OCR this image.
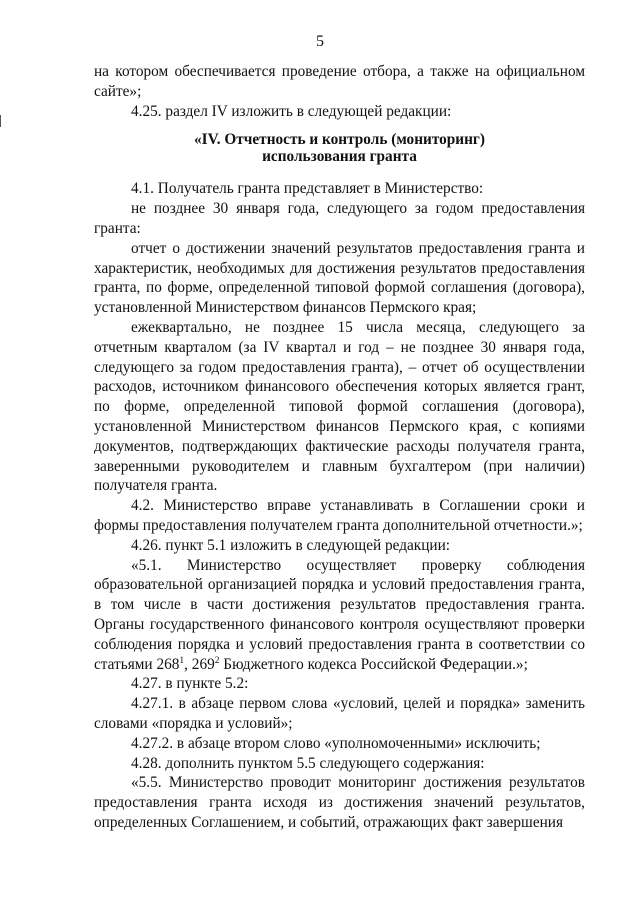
5

на котором обеспечивается проведение отбора, а также на официальном сайте»;

4.25. раздел IV изложить в следующей редакции:

«IV. Отчетность и контроль (мониторинг)
использования гранта

4.1. Получатель гранта представляет в Министерство:

не позднее 30 января года, следующего за годом предоставления гранта:

отчет о достижении значений результатов предоставления гранта и характеристик, необходимых для достижения результатов предоставления гранта, по форме, определенной типовой формой соглашения (договора), установленной Министерством финансов Пермского края;

ежеквартально, не позднее 15 числа месяца, следующего за отчетным кварталом (за IV квартал и год – не позднее 30 января года, следующего за годом предоставления гранта), – отчет об осуществлении расходов, источником финансового обеспечения которых является грант, по форме, определенной типовой формой соглашения (договора), установленной Министерством финансов Пермского края, с копиями документов, подтверждающих фактические расходы получателя гранта, заверенными руководителем и главным бухгалтером (при наличии) получателя гранта.

4.2. Министерство вправе устанавливать в Соглашении сроки и формы предоставления получателем гранта дополнительной отчетности.»;

4.26. пункт 5.1 изложить в следующей редакции:

«5.1. Министерство осуществляет проверку соблюдения образовательной организацией порядка и условий предоставления гранта, в том числе в части достижения результатов предоставления гранта. Органы государственного финансового контроля осуществляют проверки соблюдения порядка и условий предоставления гранта в соответствии со статьями $268^1$, $269^2$ Бюджетного кодекса Российской Федерации.»;

4.27. в пункте 5.2:

4.27.1. в абзаце первом слова «условий, целей и порядка» заменить словами «порядка и условий»;

4.27.2. в абзаце втором слово «уполномоченными» исключить;

4.28. дополнить пунктом 5.5 следующего содержания:

«5.5. Министерство проводит мониторинг достижения результатов предоставления гранта исходя из достижения значений результатов, определенных Соглашением, и событий, отражающих факт завершения
